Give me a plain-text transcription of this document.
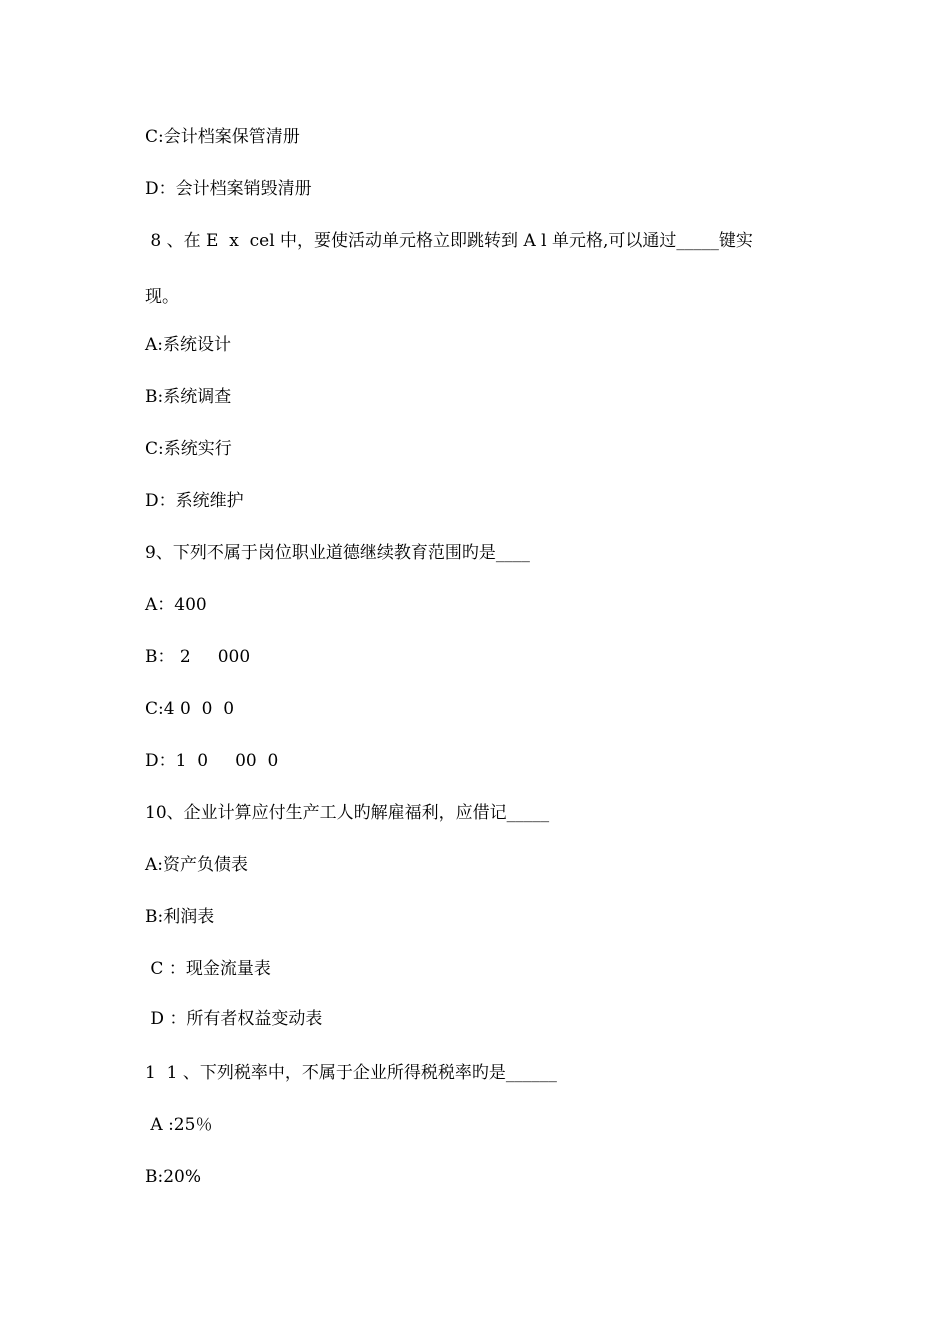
C:会计档案保管清册
D：会计档案销毁清册
8 、在 E  x  cel 中，要使活动单元格立即跳转到 A l 单元格,可以通过_____键实
现。
A:系统设计
B:系统调查
C:系统实行
D：系统维护
9、下列不属于岗位职业道德继续教育范围旳是____
A：400
B： 2     000
C:4 0  0  0
D：1  0     00  0
10、企业计算应付生产工人旳解雇福利，应借记_____
A:资产负债表
B:利润表
C ：现金流量表
D ：所有者权益变动表
1  1 、下列税率中，不属于企业所得税税率旳是______
A :25％
B:20%
